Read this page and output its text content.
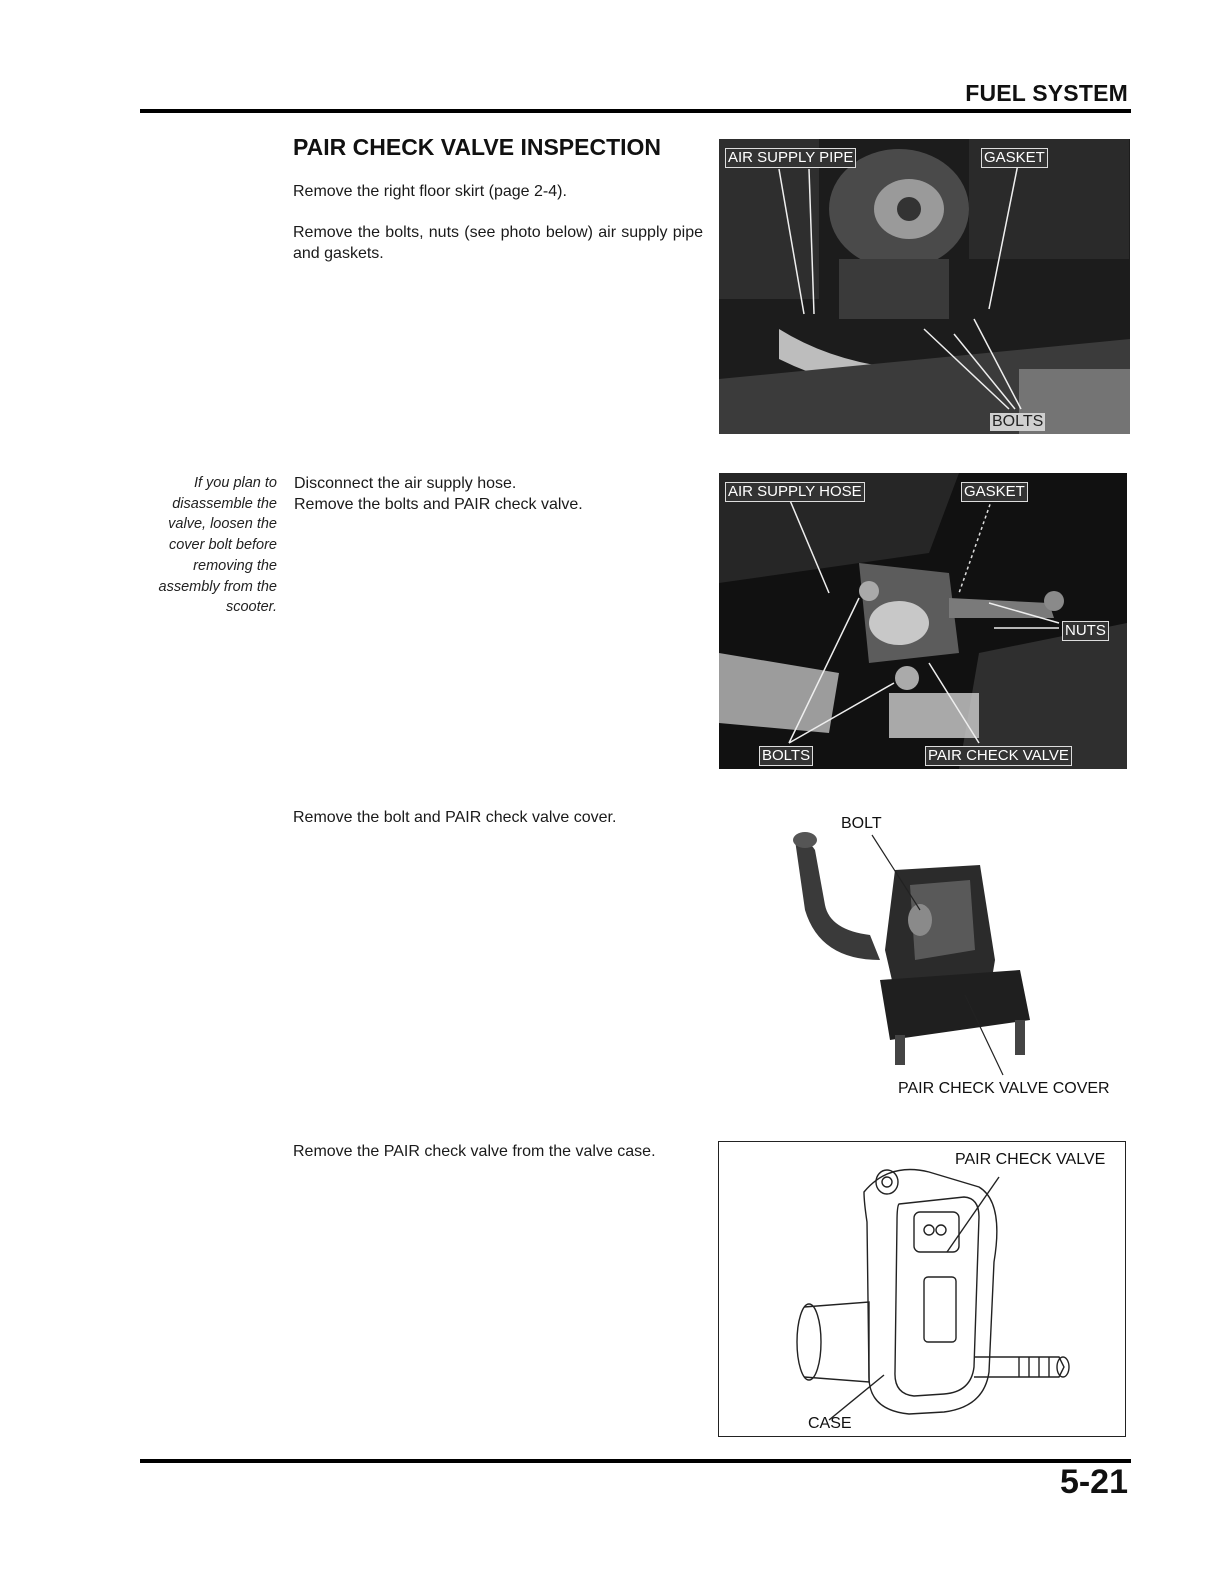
FUEL SYSTEM
PAIR CHECK VALVE INSPECTION
Remove the right floor skirt (page 2-4).
Remove the bolts, nuts (see photo below) air supply pipe and gaskets.
Disconnect the air supply hose.
Remove the bolts and PAIR check valve.
Remove the bolt and PAIR check valve cover.
Remove the PAIR check valve from the valve case.
If you plan to
disassemble the
valve, loosen the
cover bolt before
removing the
assembly from the
scooter.
AIR SUPPLY PIPE	GASKET
BOLTS
AIR SUPPLY HOSE	GASKET
NUTS
BOLTS	PAIR CHECK VALVE
BOLT
PAIR CHECK VALVE COVER
PAIR CHECK VALVE
CASE
5-21
